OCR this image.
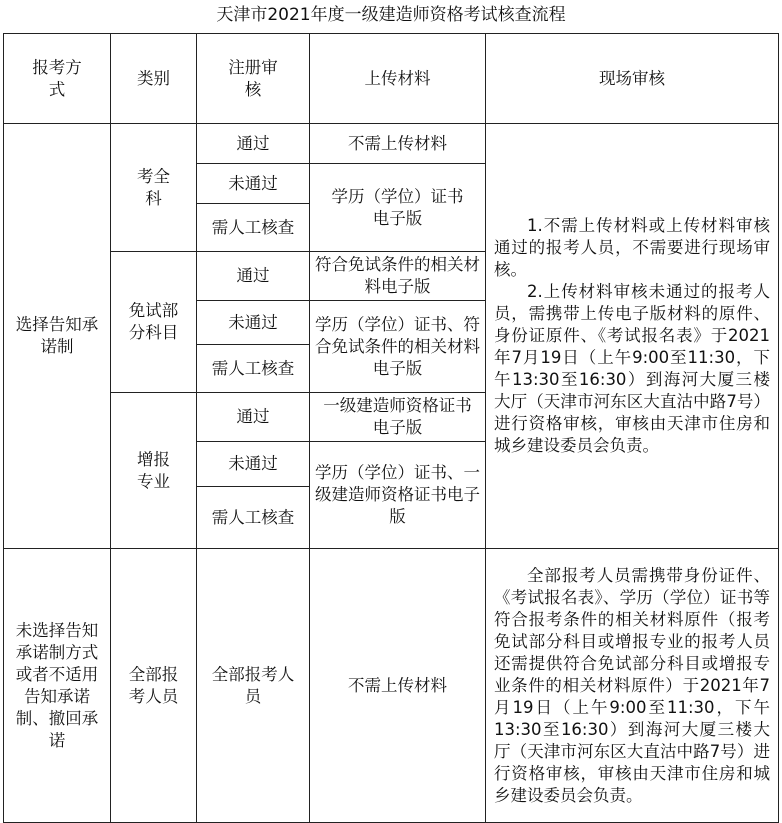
天津市2021年度一级建造师资格考试核查流程
报考方式	类别	注册审核	上传材料	现场审核
选择告知承诺制	考全科	通过	不需上传材料	1.不需上传材料或上传材料审核通过的报考人员，不需要进行现场审核。
2.上传材料审核未通过的报考人员，需携带上传电子版材料的原件、身份证原件、《考试报名表》于2021年7月19日（上午9:00至11:30，下午13:30至16:30）到海河大厦三楼大厅（天津市河东区大直沽中路7号）进行资格审核，审核由天津市住房和城乡建设委员会负责。

		未通过	学历（学位）证书电子版	
		需人工核查		
	免试部分科目	通过	符合免试条件的相关材料电子版	
		未通过	学历（学位）证书、符合免试条件的相关材料电子版	
		需人工核查		
	增报专业	通过	一级建造师资格证书电子版	
		未通过	学历（学位）证书、一级建造师资格证书电子版	
		需人工核查		
未选择告知承诺制方式或者不适用告知承诺制、撤回承诺	全部报考人员	全部报考人员	不需上传材料	全部报考人员需携带身份证件、《考试报名表》、学历（学位）证书等符合报考条件的相关材料原件（报考免试部分科目或增报专业的报考人员还需提供符合免试部分科目或增报专业条件的相关材料原件）于2021年7月19日（上午9:00至11:30，下午13:30至16:30）到海河大厦三楼大厅（天津市河东区大直沽中路7号）进行资格审核，审核由天津市住房和城乡建设委员会负责。
